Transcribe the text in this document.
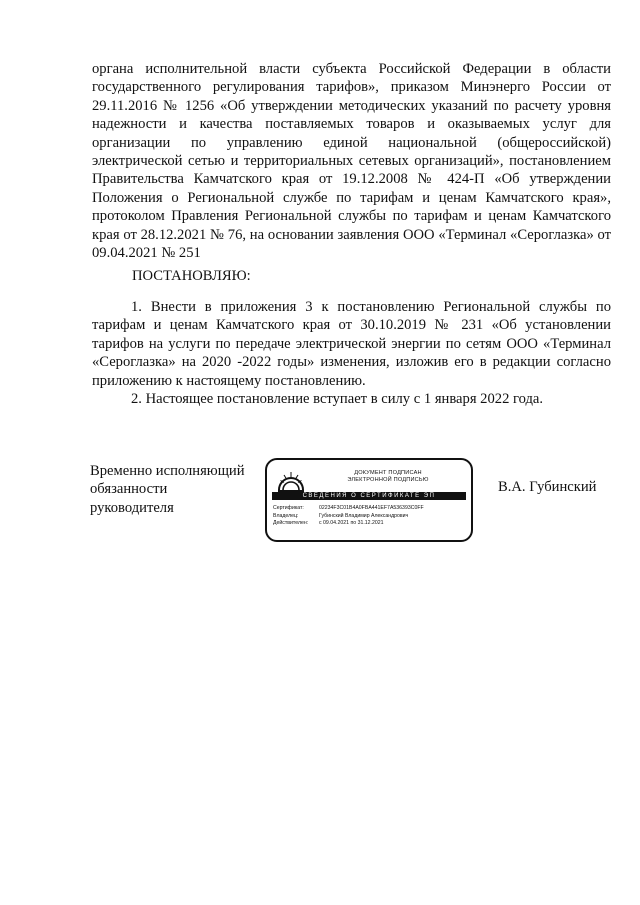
органа исполнительной власти субъекта Российской Федерации в области государственного регулирования тарифов», приказом Минэнерго России от 29.11.2016 № 1256 «Об утверждении методических указаний по расчету уровня надежности и качества поставляемых товаров и оказываемых услуг для организации по управлению единой национальной (общероссийской) электрической сетью и территориальных сетевых организаций», постановлением Правительства Камчатского края от 19.12.2008 № 424-П «Об утверждении Положения о Региональной службе по тарифам и ценам Камчатского края», протоколом Правления Региональной службы по тарифам и ценам Камчатского края от 28.12.2021 № 76, на основании заявления ООО «Терминал «Сероглазка» от 09.04.2021 № 251

ПОСТАНОВЛЯЮ:

1. Внести в приложения 3 к постановлению Региональной службы по тарифам и ценам Камчатского края от 30.10.2019 № 231 «Об установлении тарифов на услуги по передаче электрической энергии по сетям ООО «Терминал «Сероглазка» на 2020 -2022 годы» изменения, изложив его в редакции согласно приложению к настоящему постановлению.

2. Настоящее постановление вступает в силу с 1 января 2022 года.

Временно исполняющий
обязанности
руководителя
ДОКУМЕНТ ПОДПИСАН
ЭЛЕКТРОННОЙ ПОДПИСЬЮ
СВЕДЕНИЯ О СЕРТИФИКАТЕ ЭП
Сертификат:	02234F3C01B4A0FBA441EF7A536393C0FF
Владелец:	Губинский Владимир Александрович
Действителен:	с 09.04.2021 по 31.12.2021
В.А. Губинский
